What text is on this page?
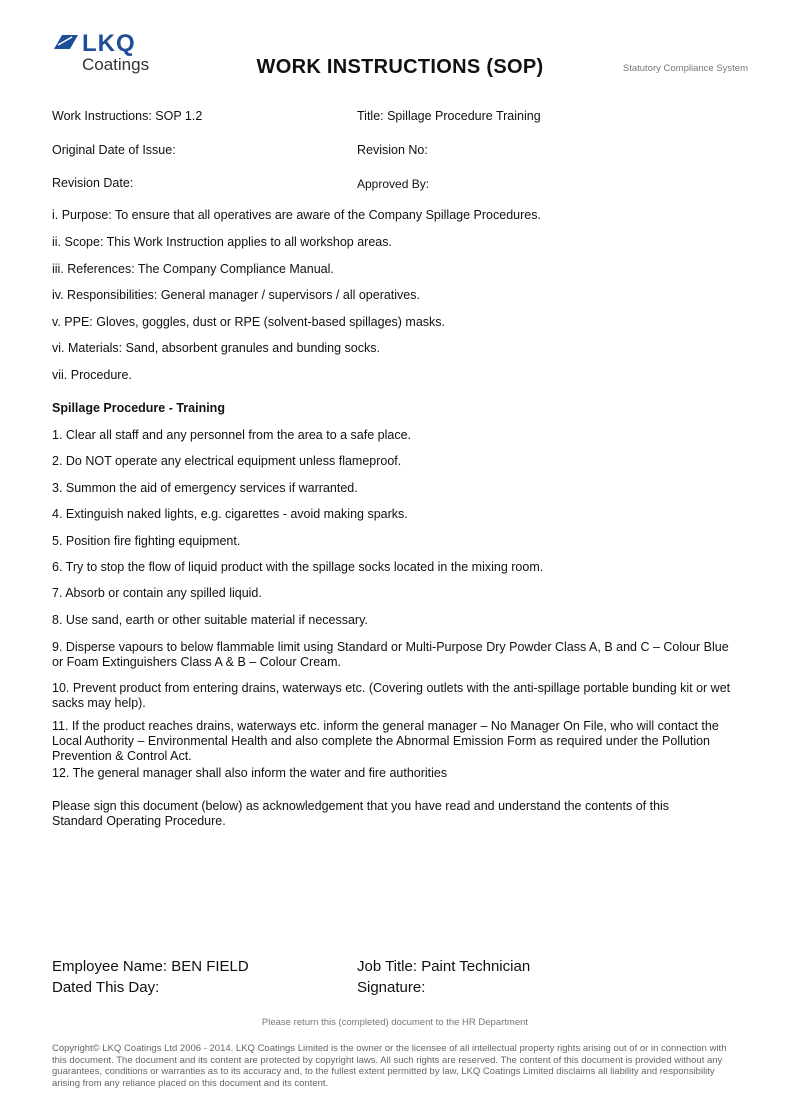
LKQ
Coatings	WORK INSTRUCTIONS (SOP)	Statutory Compliance System
Work Instructions: SOP 1.2	Title: Spillage Procedure Training
Original Date of Issue:	Revision No:
Revision Date:	Approved By:
i. Purpose: To ensure that all operatives are aware of the Company Spillage Procedures.
ii. Scope: This Work Instruction applies to all workshop areas.
iii. References: The Company Compliance Manual.
iv. Responsibilities: General manager / supervisors / all operatives.
v. PPE: Gloves, goggles, dust or RPE (solvent-based spillages) masks.
vi. Materials: Sand, absorbent granules and bunding socks.
vii. Procedure.
Spillage Procedure - Training
1. Clear all staff and any personnel from the area to a safe place.
2. Do NOT operate any electrical equipment unless flameproof.
3. Summon the aid of emergency services if warranted.
4. Extinguish naked lights, e.g. cigarettes - avoid making sparks.
5. Position fire fighting equipment.
6. Try to stop the flow of liquid product with the spillage socks located in the mixing room.
7. Absorb or contain any spilled liquid.
8. Use sand, earth or other suitable material if necessary.
9. Disperse vapours to below flammable limit using Standard or Multi-Purpose Dry Powder Class A, B and C – Colour Blue or Foam Extinguishers Class A & B – Colour Cream.
10. Prevent product from entering drains, waterways etc. (Covering outlets with the anti-spillage portable bunding kit or wet sacks may help).
11. If the product reaches drains, waterways etc. inform the general manager – No Manager On File, who will contact the Local Authority – Environmental Health and also complete the Abnormal Emission Form as required under the Pollution Prevention & Control Act.
12. The general manager shall also inform the water and fire authorities
Please sign this document (below) as acknowledgement that you have read and understand the contents of this Standard Operating Procedure.
Employee Name: BEN FIELD	Job Title: Paint Technician
Dated This Day:	Signature:
Please return this (completed) document to the HR Department
Copyright© LKQ Coatings Ltd 2006 - 2014. LKQ Coatings Limited is the owner or the licensee of all intellectual property rights arising out of or in connection with this document. The document and its content are protected by copyright laws. All such rights are reserved. The content of this document is provided without any guarantees, conditions or warranties as to its accuracy and, to the fullest extent permitted by law, LKQ Coatings Limited disclaims all liability and responsibility arising from any reliance placed on this document and its content.
